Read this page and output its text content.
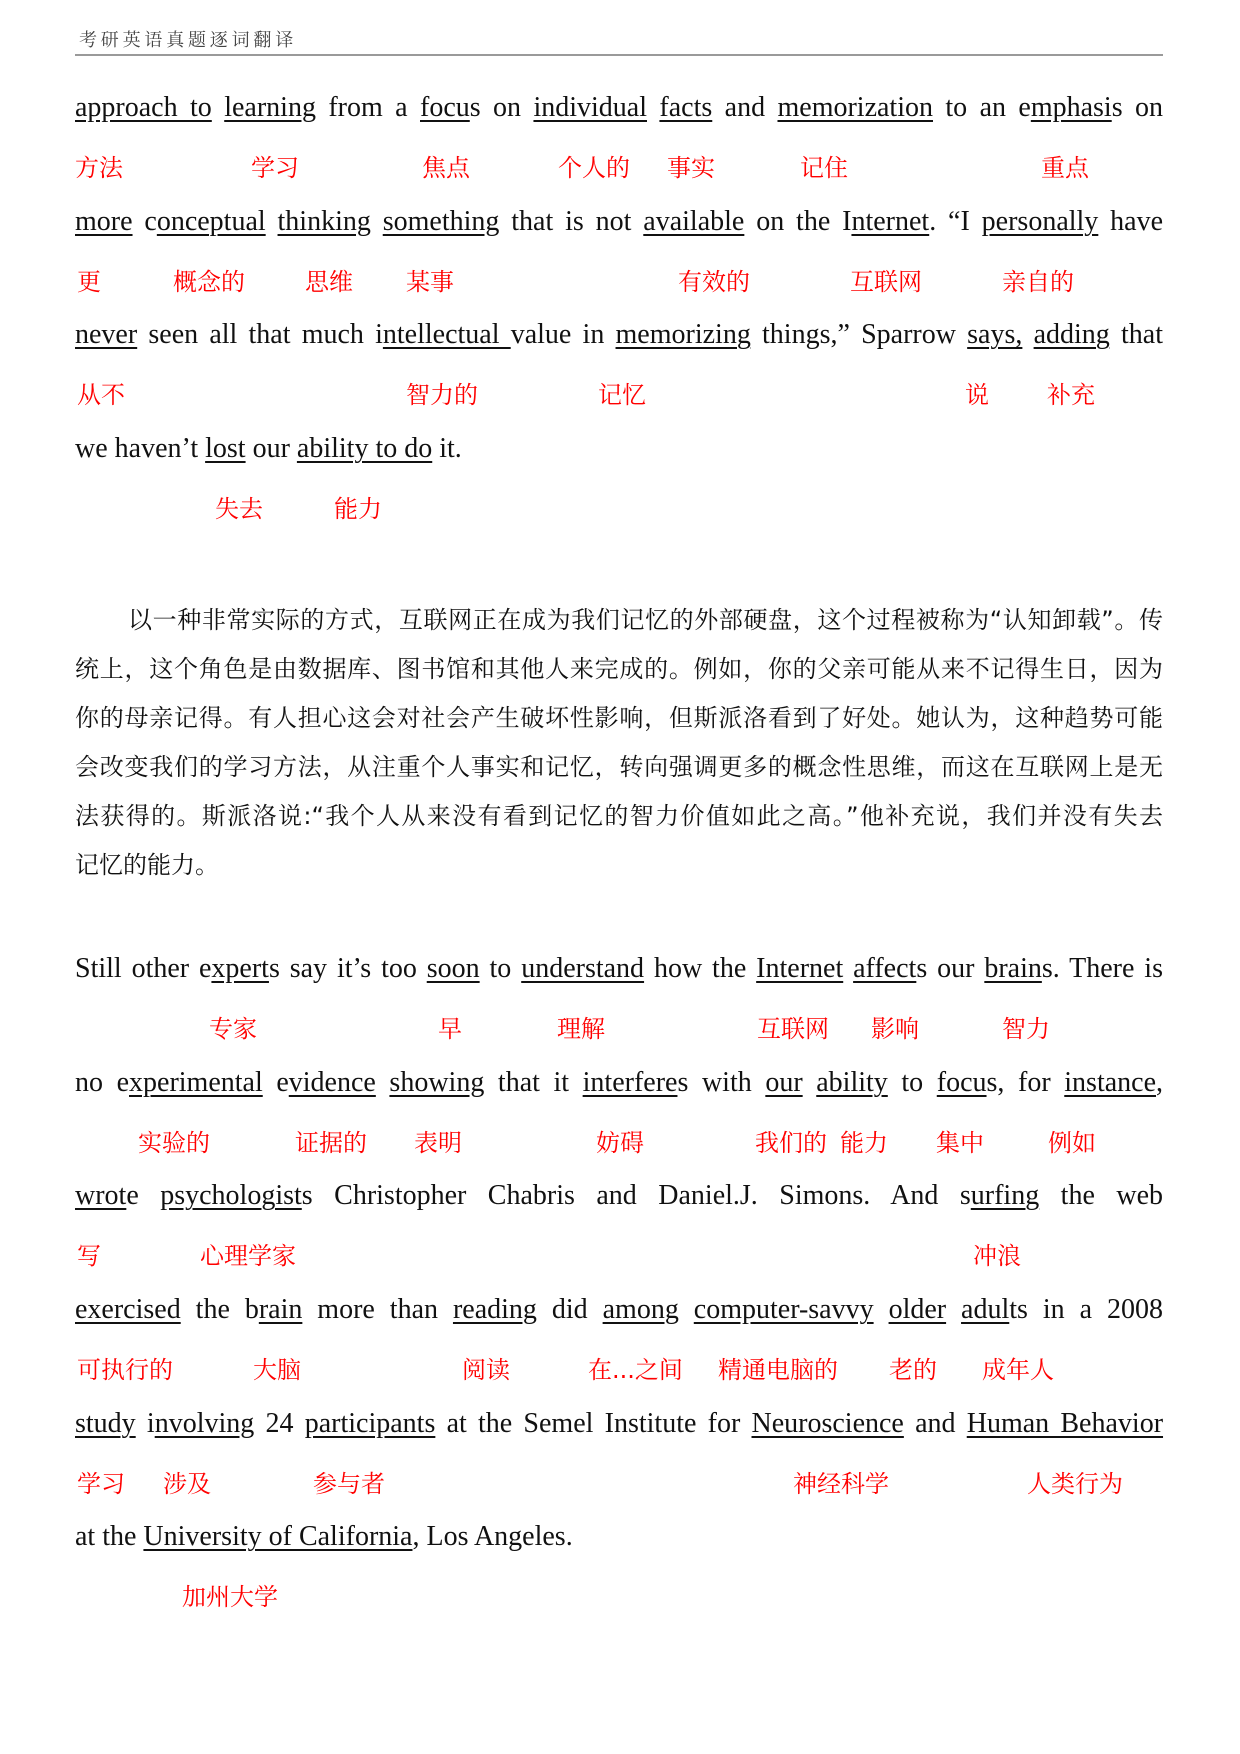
考研英语真题逐词翻译
approach to learning from a focus on individual facts and memorization to an emphasis on
方法	学习	焦点	个人的 事实	记住	重点
more conceptual thinking something that is not available on the Internet. “I personally have
更	概念的	思维 某事	有效的	互联网	亲自的
never seen all that much intellectual value in memorizing things,” Sparrow says, adding that
从不	智力的	记忆	说 补充
we haven’t lost our ability to do it.
失去	能力
以一种非常实际的方式，互联网正在成为我们记忆的外部硬盘，这个过程被称为“认知卸载”。传
统上，这个角色是由数据库、图书馆和其他人来完成的。例如，你的父亲可能从来不记得生日，因为
你的母亲记得。有人担心这会对社会产生破坏性影响，但斯派洛看到了好处。她认为，这种趋势可能
会改变我们的学习方法，从注重个人事实和记忆，转向强调更多的概念性思维，而这在互联网上是无
法获得的。斯派洛说:“我个人从来没有看到记忆的智力价值如此之高。”他补充说，我们并没有失去
记忆的能力。
Still other experts say it’s too soon to understand how the Internet affects our brains. There is
专家	早	理解	互联网 影响	智力
no experimental evidence showing that it interferes with our ability to focus, for instance,
实验的	证据的 表明	妨碍	我们的 能力 集中	例如
wrote psychologists Christopher Chabris and Daniel.J. Simons. And surfing the web
写	心理学家	冲浪
exercised the brain more than reading did among computer-savvy older adults in a 2008
可执行的	大脑	阅读	在...之间 精通电脑的 老的 成年人
study involving 24 participants at the Semel Institute for Neuroscience and Human Behavior
学习 涉及	参与者	神经科学	人类行为
at the University of California, Los Angeles.
加州大学
